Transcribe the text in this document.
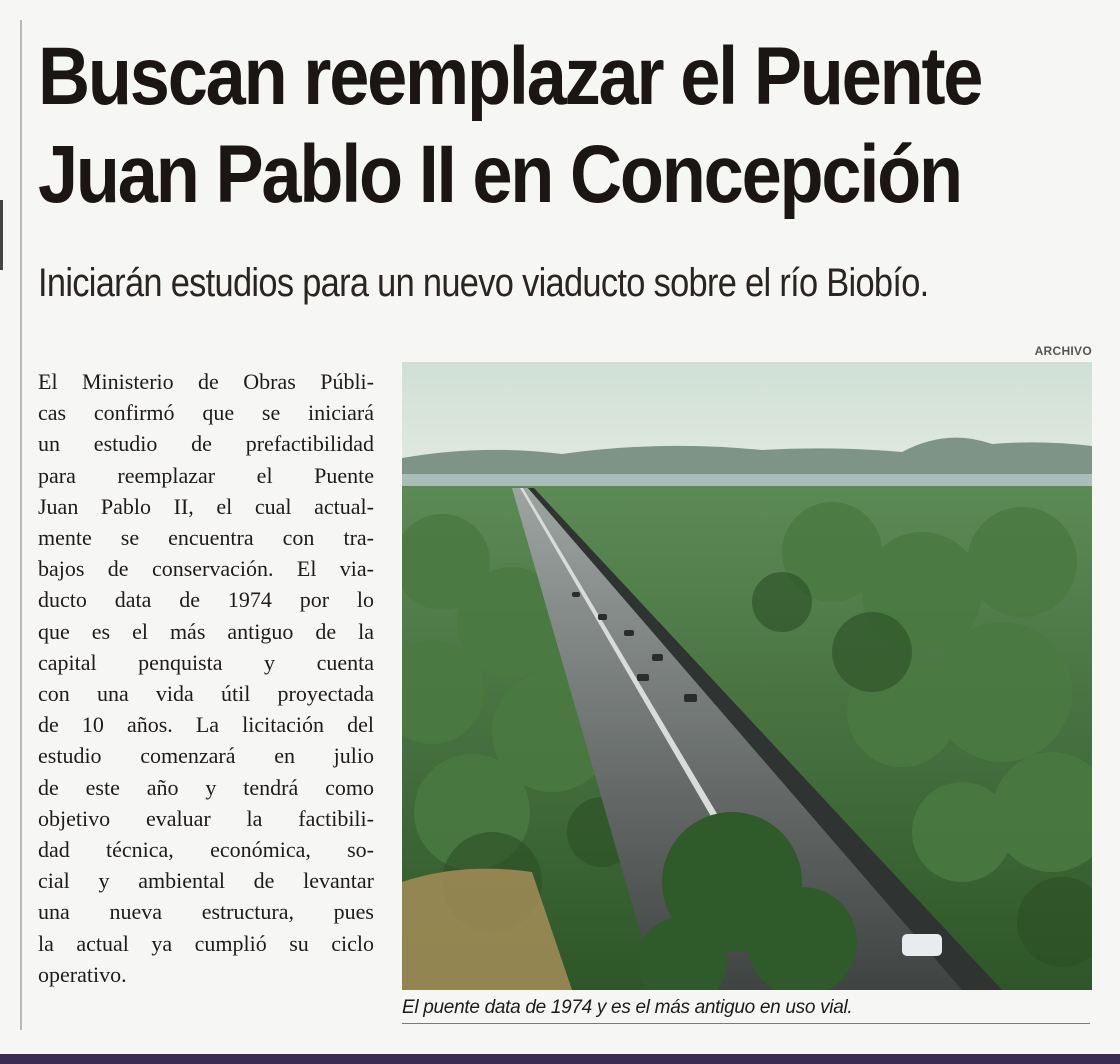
Buscan reemplazar el Puente
Juan Pablo II en Concepción

Iniciarán estudios para un nuevo viaducto sobre el río Biobío.

ARCHIVO
El Ministerio de Obras Públi-
cas confirmó que se iniciará
un estudio de prefactibilidad
para reemplazar el Puente
Juan Pablo II, el cual actual-
mente se encuentra con tra-
bajos de conservación. El via-
ducto data de 1974 por lo
que es el más antiguo de la
capital penquista y cuenta
con una vida útil proyectada
de 10 años. La licitación del
estudio comenzará en julio
de este año y tendrá como
objetivo evaluar la factibili-
dad técnica, económica, so-
cial y ambiental de levantar
una nueva estructura, pues
la actual ya cumplió su ciclo
operativo.

El puente data de 1974 y es el más antiguo en uso vial.
